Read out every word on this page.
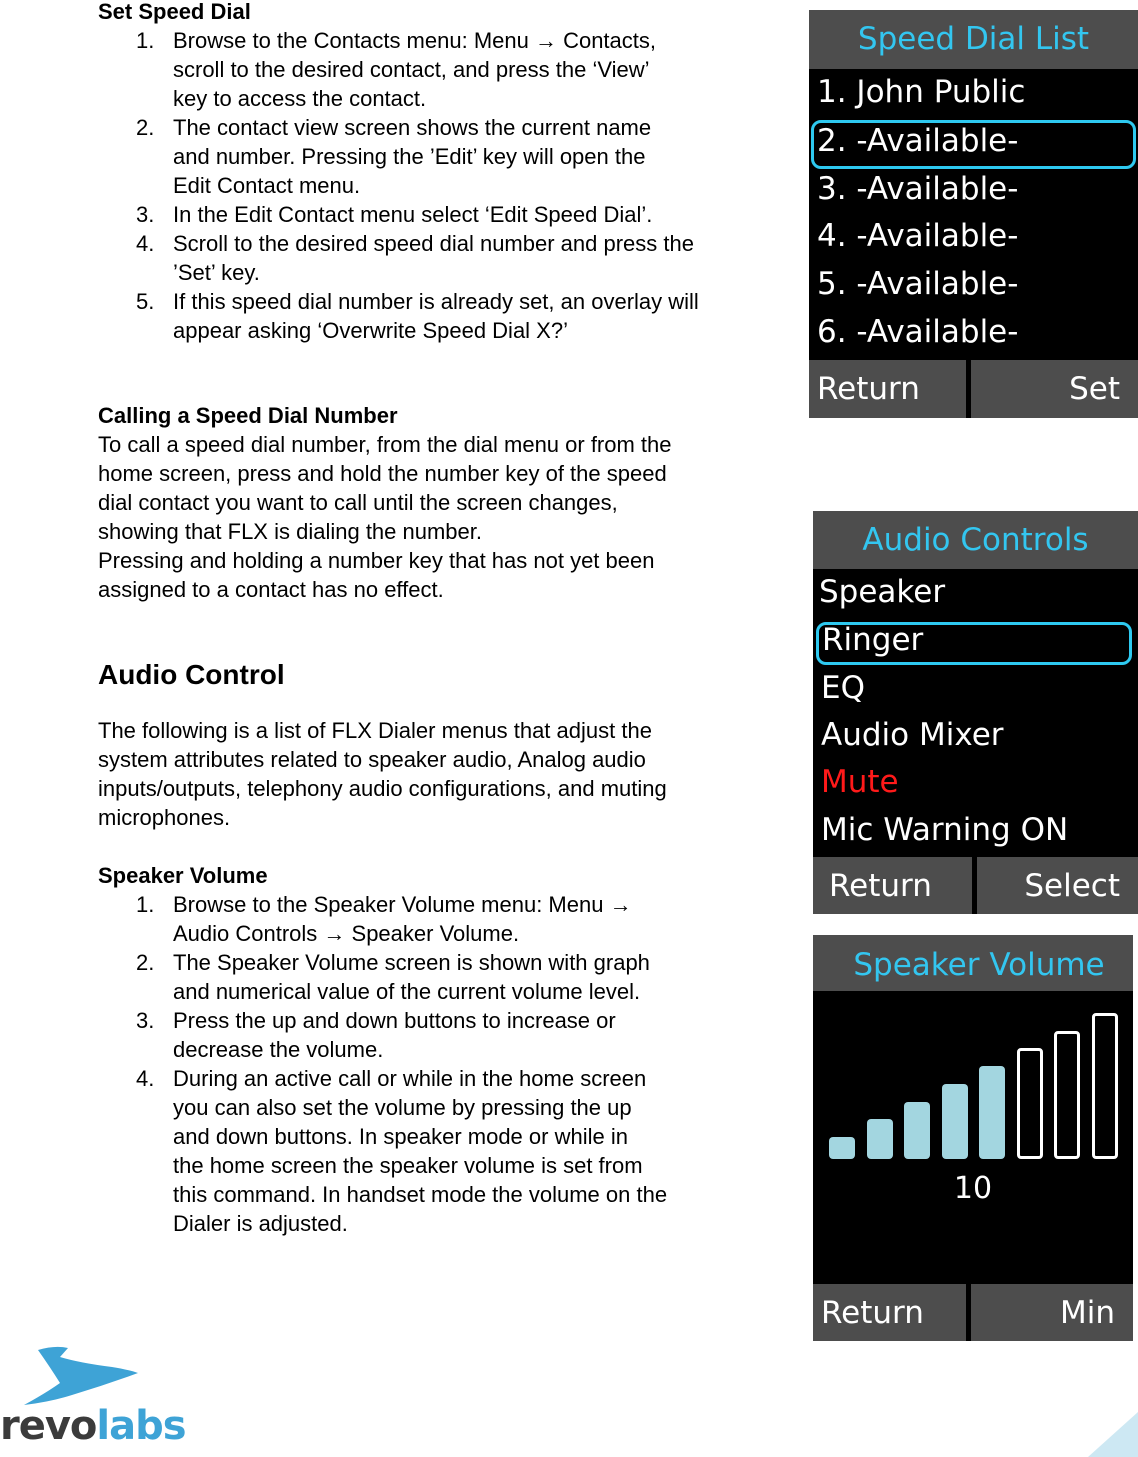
Set Speed Dial
1. Browse to the Contacts menu: Menu → Contacts,
scroll to the desired contact, and press the ‘View’
key to access the contact.
2. The contact view screen shows the current name
and number. Pressing the ’Edit’ key will open the
Edit Contact menu.
3. In the Edit Contact menu select ‘Edit Speed Dial’.
4. Scroll to the desired speed dial number and press the
’Set’ key.
5. If this speed dial number is already set, an overlay will
appear asking ‘Overwrite Speed Dial X?’
Calling a Speed Dial Number
To call a speed dial number, from the dial menu or from the
home screen, press and hold the number key of the speed
dial contact you want to call until the screen changes,
showing that FLX is dialing the number.
Pressing and holding a number key that has not yet been
assigned to a contact has no effect.
Audio Control
The following is a list of FLX Dialer menus that adjust the
system attributes related to speaker audio, Analog audio
inputs/outputs, telephony audio configurations, and muting
microphones.
Speaker Volume
1. Browse to the Speaker Volume menu: Menu →
Audio Controls → Speaker Volume.
2. The Speaker Volume screen is shown with graph
and numerical value of the current volume level.
3. Press the up and down buttons to increase or
decrease the volume.
4. During an active call or while in the home screen
you can also set the volume by pressing the up
and down buttons. In speaker mode or while in
the home screen the speaker volume is set from
this command. In handset mode the volume on the
Dialer is adjusted.
Speed Dial List
1. John Public
2. -Available-
3. -Available-
4. -Available-
5. -Available-
6. -Available-
Return	Set
Audio Controls
Speaker
Ringer
EQ
Audio Mixer
Mute
Mic Warning ON
Return	Select
Speaker Volume
10
Return	Min
revolabs
